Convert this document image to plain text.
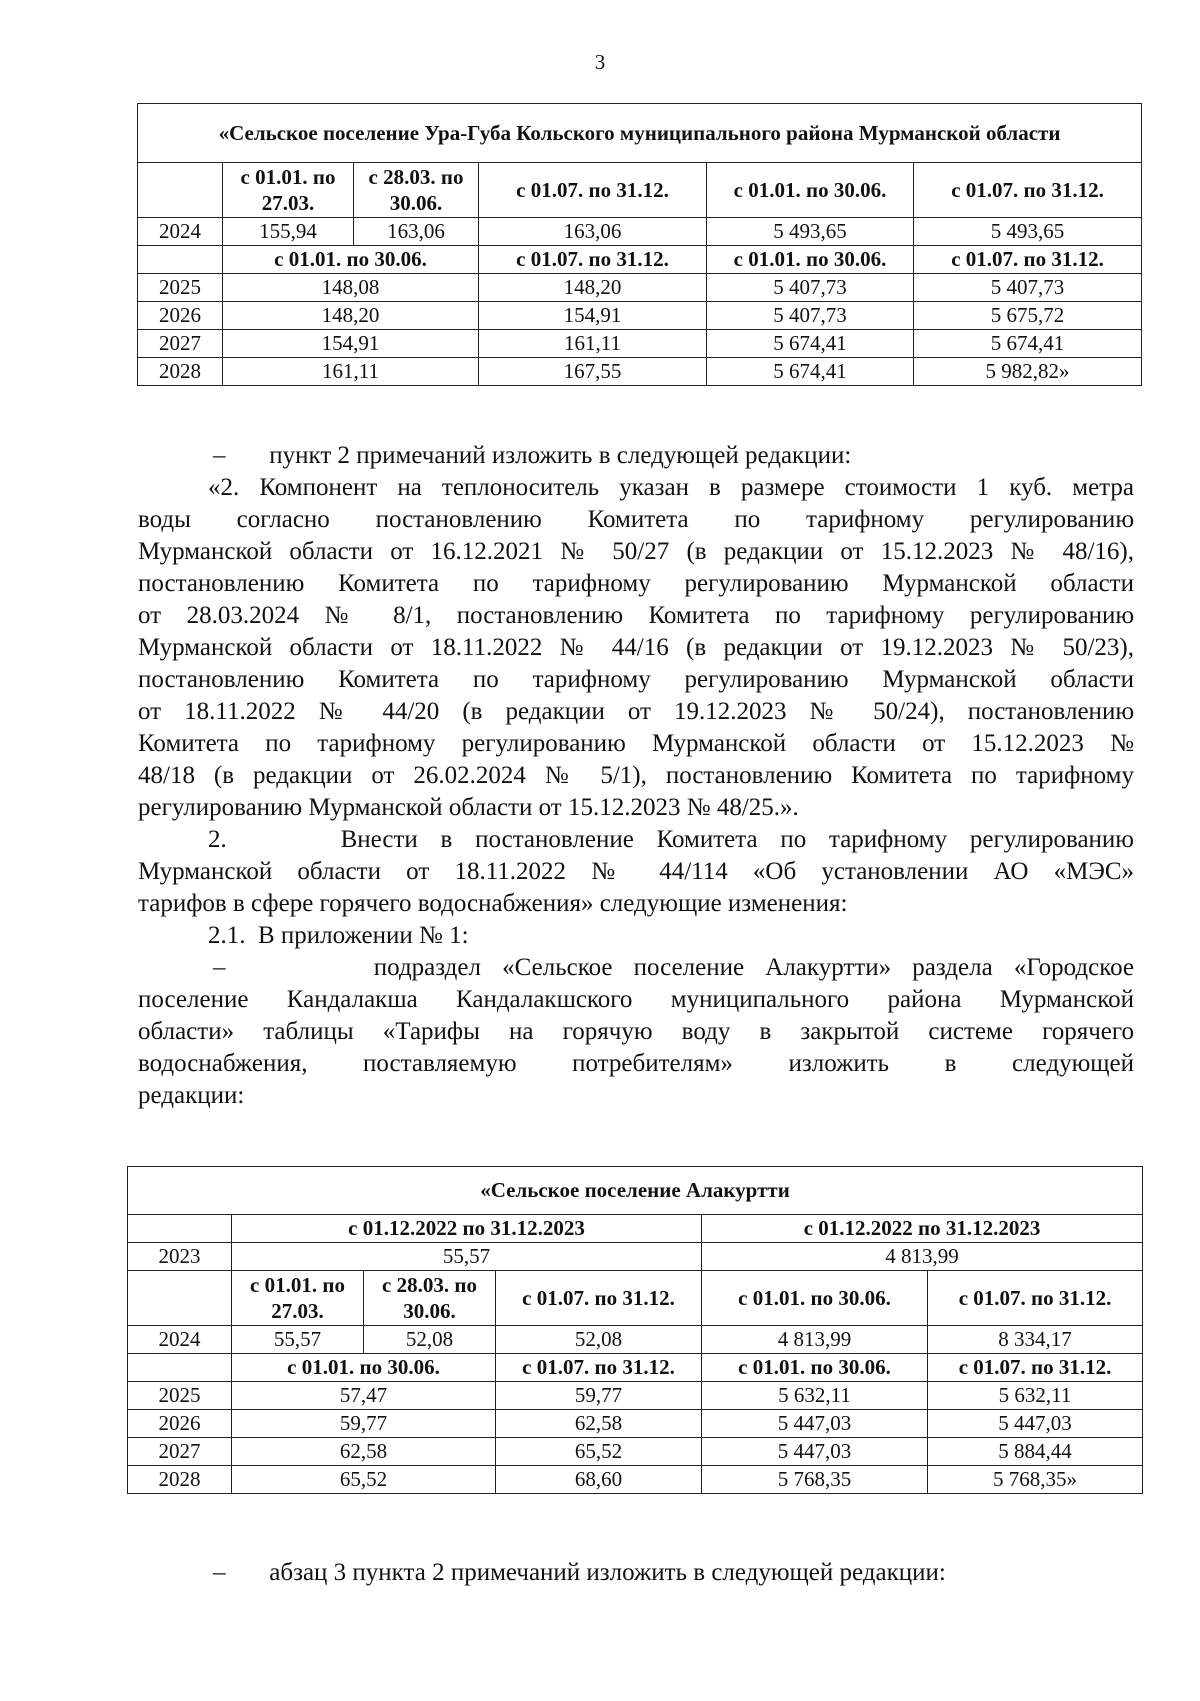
3
«Сельское поселение Ура-Губа Кольского муниципального района Мурманской области					
	с 01.01. по 27.03.	с 28.03. по 30.06.	с 01.07. по 31.12.	с 01.01. по 30.06.	с 01.07. по 31.12.
2024	155,94	163,06	163,06	5 493,65	5 493,65
	с 01.01. по 30.06.		с 01.07. по 31.12.	с 01.01. по 30.06.	с 01.07. по 31.12.
2025	148,08		148,20	5 407,73	5 407,73
2026	148,20		154,91	5 407,73	5 675,72
2027	154,91		161,11	5 674,41	5 674,41
2028	161,11		167,55	5 674,41	5 982,82»
–       пункт 2 примечаний изложить в следующей редакции:
«2. Компонент на теплоноситель указан в размере стоимости 1 куб. метра
воды согласно постановлению Комитета по тарифному регулированию
Мурманской области от 16.12.2021 № 50/27 (в редакции от 15.12.2023 № 48/16),
постановлению Комитета по тарифному регулированию Мурманской области
от 28.03.2024 № 8/1, постановлению Комитета по тарифному регулированию
Мурманской области от 18.11.2022 № 44/16 (в редакции от 19.12.2023 № 50/23),
постановлению Комитета по тарифному регулированию Мурманской области
от 18.11.2022 № 44/20 (в редакции от 19.12.2023 № 50/24), постановлению
Комитета по тарифному регулированию Мурманской области от 15.12.2023 №
48/18 (в редакции от 26.02.2024 № 5/1), постановлению Комитета по тарифному
регулированию Мурманской области от 15.12.2023 № 48/25.».
2.     Внести в постановление Комитета по тарифному регулированию
Мурманской области от 18.11.2022 № 44/114 «Об установлении АО «МЭС»
тарифов в сфере горячего водоснабжения» следующие изменения:
2.1.  В приложении № 1:
–       подраздел «Сельское поселение Алакуртти» раздела «Городское
поселение Кандалакша Кандалакшского муниципального района Мурманской
области» таблицы «Тарифы на горячую воду в закрытой системе горячего
водоснабжения, поставляемую потребителям» изложить в следующей
редакции:
«Сельское поселение Алакуртти					
	с 01.12.2022 по 31.12.2023			с 01.12.2022 по 31.12.2023	
2023	55,57			4 813,99	
	с 01.01. по 27.03.	с 28.03. по 30.06.	с 01.07. по 31.12.	с 01.01. по 30.06.	с 01.07. по 31.12.
2024	55,57	52,08	52,08	4 813,99	8 334,17
	с 01.01. по 30.06.		с 01.07. по 31.12.	с 01.01. по 30.06.	с 01.07. по 31.12.
2025	57,47		59,77	5 632,11	5 632,11
2026	59,77		62,58	5 447,03	5 447,03
2027	62,58		65,52	5 447,03	5 884,44
2028	65,52		68,60	5 768,35	5 768,35»
–       абзац 3 пункта 2 примечаний изложить в следующей редакции:
